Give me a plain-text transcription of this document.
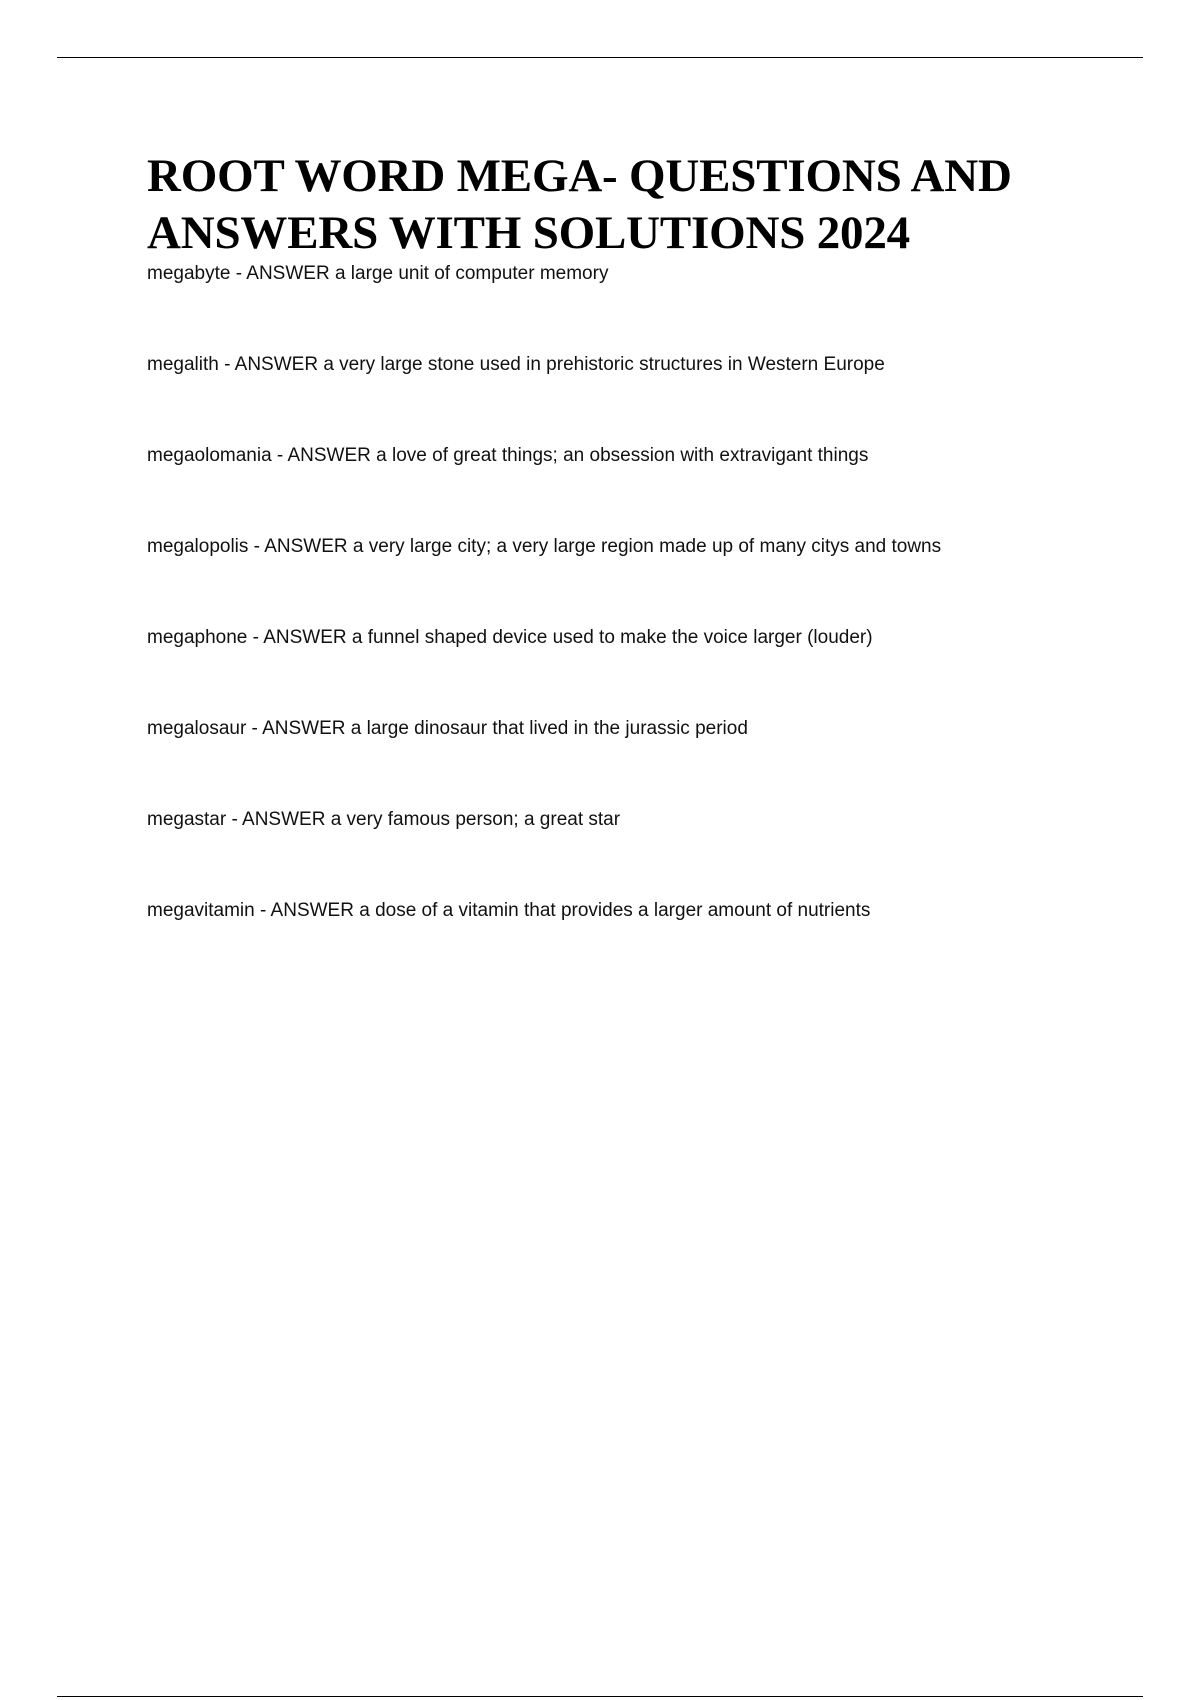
ROOT WORD MEGA- QUESTIONS AND ANSWERS WITH SOLUTIONS 2024
megabyte - ANSWER a large unit of computer memory
megalith - ANSWER a very large stone used in prehistoric structures in Western Europe
megaolomania - ANSWER a love of great things; an obsession with extravigant things
megalopolis - ANSWER a very large city; a very large region made up of many citys and towns
megaphone - ANSWER a funnel shaped device used to make the voice larger (louder)
megalosaur - ANSWER a large dinosaur that lived in the jurassic period
megastar - ANSWER a very famous person; a great star
megavitamin - ANSWER a dose of a vitamin that provides a larger amount of nutrients
